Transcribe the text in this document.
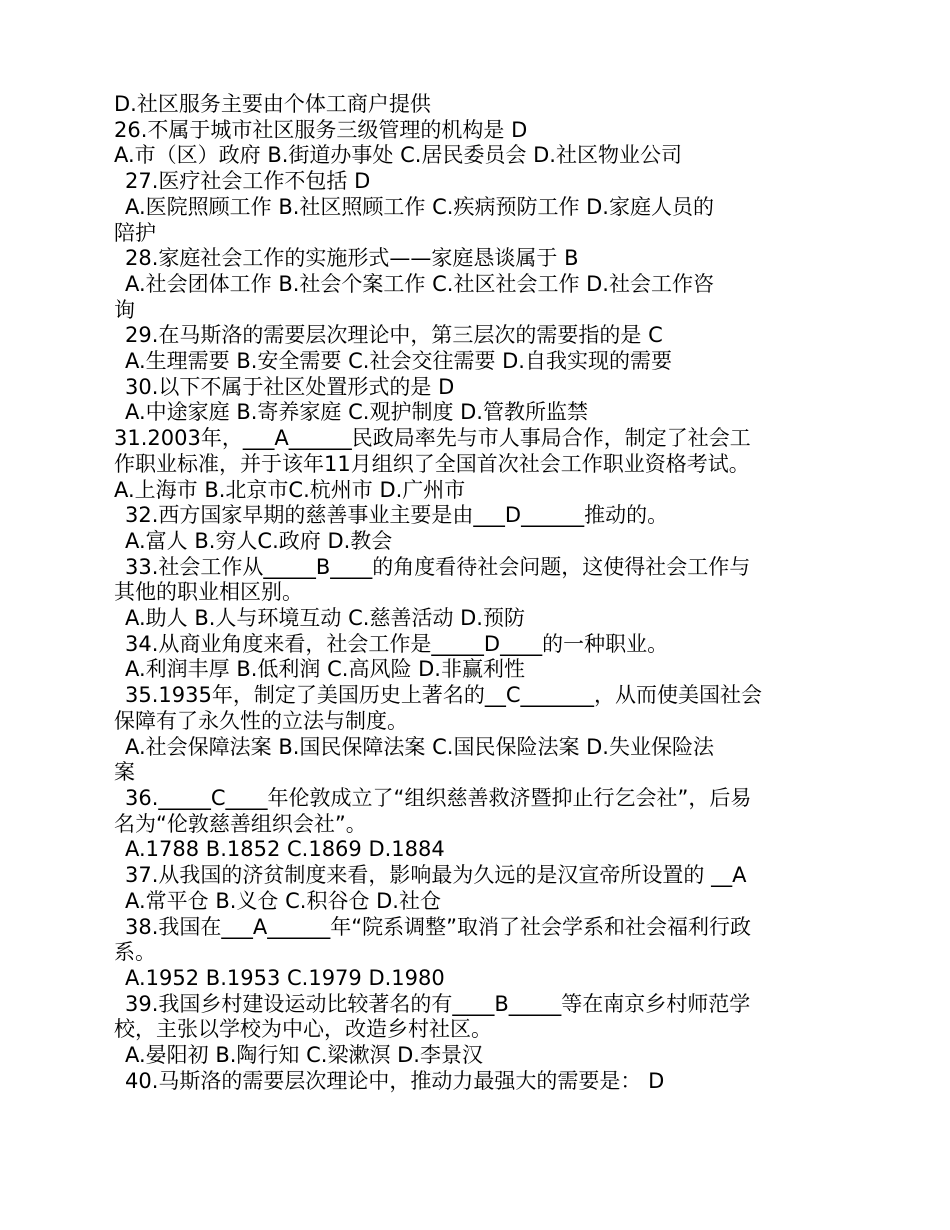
D.社区服务主要由个体工商户提供
26.不属于城市社区服务三级管理的机构是 D
A.市（区）政府 B.街道办事处 C.居民委员会 D.社区物业公司
27.医疗社会工作不包括 D
A.医院照顾工作 B.社区照顾工作 C.疾病预防工作 D.家庭人员的
陪护
28.家庭社会工作的实施形式——家庭恳谈属于 B
A.社会团体工作 B.社会个案工作 C.社区社会工作 D.社会工作咨
询
29.在马斯洛的需要层次理论中，第三层次的需要指的是 C
A.生理需要 B.安全需要 C.社会交往需要 D.自我实现的需要
30.以下不属于社区处置形式的是 D
A.中途家庭 B.寄养家庭 C.观护制度 D.管教所监禁
31.2003年，___A______民政局率先与市人事局合作，制定了社会工
作职业标准，并于该年11月组织了全国首次社会工作职业资格考试。
A.上海市 B.北京市C.杭州市 D.广州市
32.西方国家早期的慈善事业主要是由___D______推动的。
A.富人 B.穷人C.政府 D.教会
33.社会工作从_____B____的角度看待社会问题，这使得社会工作与
其他的职业相区别。
A.助人 B.人与环境互动 C.慈善活动 D.预防
34.从商业角度来看，社会工作是_____D____的一种职业。
A.利润丰厚 B.低利润 C.高风险 D.非赢利性
35.1935年，制定了美国历史上著名的__C_______，从而使美国社会
保障有了永久性的立法与制度。
A.社会保障法案 B.国民保障法案 C.国民保险法案 D.失业保险法
案
36._____C____年伦敦成立了“组织慈善救济暨抑止行乞会社”，后易
名为“伦敦慈善组织会社”。
A.1788 B.1852 C.1869 D.1884
37.从我国的济贫制度来看，影响最为久远的是汉宣帝所设置的 __A
A.常平仓 B.义仓 C.积谷仓 D.社仓
38.我国在___A______年“院系调整”取消了社会学系和社会福利行政
系。
A.1952 B.1953 C.1979 D.1980
39.我国乡村建设运动比较著名的有____B_____等在南京乡村师范学
校，主张以学校为中心，改造乡村社区。
A.晏阳初 B.陶行知 C.梁漱溟 D.李景汉
40.马斯洛的需要层次理论中，推动力最强大的需要是： D
